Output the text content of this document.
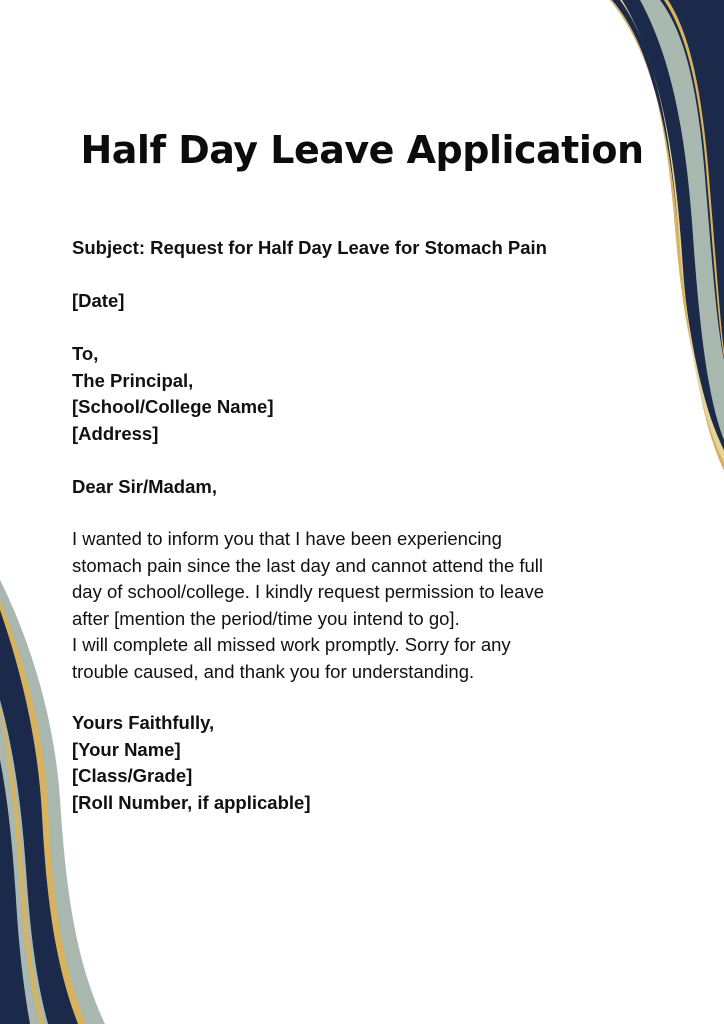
Half Day Leave Application
Subject: Request for Half Day Leave for Stomach Pain
[Date]
To,
The Principal,
[School/College Name]
[Address]
Dear Sir/Madam,
I wanted to inform you that I have been experiencing
stomach pain since the last day and cannot attend the full
day of school/college. I kindly request permission to leave
after [mention the period/time you intend to go].
I will complete all missed work promptly. Sorry for any
trouble caused, and thank you for understanding.
Yours Faithfully,
[Your Name]
[Class/Grade]
[Roll Number, if applicable]
